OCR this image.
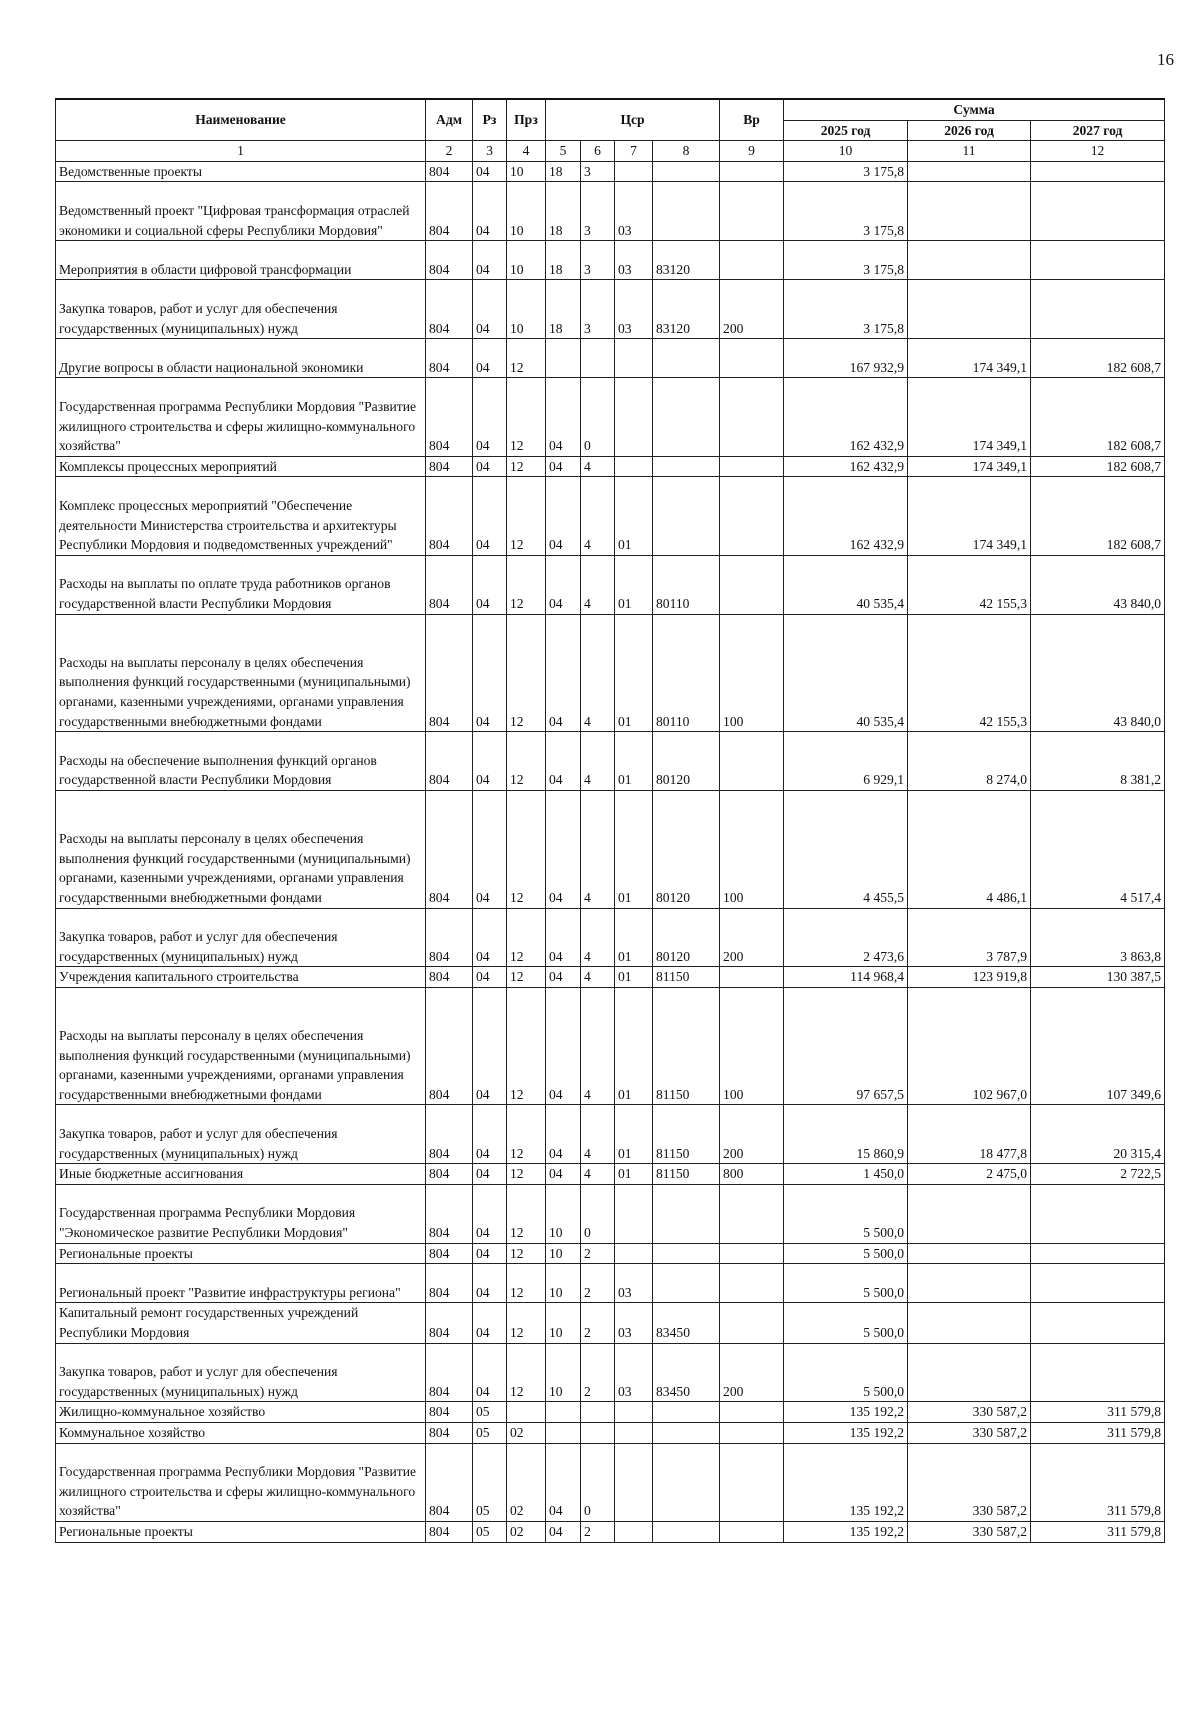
16
Наименование	Адм	Рз	Прз	Цср				Вр	Сумма		
									2025 год	2026 год	2027 год
1	2	3	4	5	6	7	8	9	10	11	12
Ведомственные проекты	804	04	10	18	3				3 175,8		
Ведомственный проект "Цифровая трансформация отраслей экономики и социальной сферы Республики Мордовия"	804	04	10	18	3	03			3 175,8		
Мероприятия в области цифровой трансформации	804	04	10	18	3	03	83120		3 175,8		
Закупка товаров, работ и услуг для обеспечения государственных (муниципальных) нужд	804	04	10	18	3	03	83120	200	3 175,8		
Другие вопросы в области национальной экономики	804	04	12						167 932,9	174 349,1	182 608,7
Государственная программа Республики Мордовия "Развитие жилищного строительства и сферы жилищно-коммунального хозяйства"	804	04	12	04	0				162 432,9	174 349,1	182 608,7
Комплексы процессных мероприятий	804	04	12	04	4				162 432,9	174 349,1	182 608,7
Комплекс процессных мероприятий "Обеспечение деятельности Министерства строительства и архитектуры Республики Мордовия и подведомственных учреждений"	804	04	12	04	4	01			162 432,9	174 349,1	182 608,7
Расходы на выплаты по оплате труда работников органов государственной власти Республики Мордовия	804	04	12	04	4	01	80110		40 535,4	42 155,3	43 840,0
Расходы на выплаты персоналу в целях обеспечения выполнения функций государственными (муниципальными) органами, казенными учреждениями, органами управления государственными внебюджетными фондами	804	04	12	04	4	01	80110	100	40 535,4	42 155,3	43 840,0
Расходы на обеспечение выполнения функций органов государственной власти Республики Мордовия	804	04	12	04	4	01	80120		6 929,1	8 274,0	8 381,2
Расходы на выплаты персоналу в целях обеспечения выполнения функций государственными (муниципальными) органами, казенными учреждениями, органами управления государственными внебюджетными фондами	804	04	12	04	4	01	80120	100	4 455,5	4 486,1	4 517,4
Закупка товаров, работ и услуг для обеспечения государственных (муниципальных) нужд	804	04	12	04	4	01	80120	200	2 473,6	3 787,9	3 863,8
Учреждения капитального строительства	804	04	12	04	4	01	81150		114 968,4	123 919,8	130 387,5
Расходы на выплаты персоналу в целях обеспечения выполнения функций государственными (муниципальными) органами, казенными учреждениями, органами управления государственными внебюджетными фондами	804	04	12	04	4	01	81150	100	97 657,5	102 967,0	107 349,6
Закупка товаров, работ и услуг для обеспечения государственных (муниципальных) нужд	804	04	12	04	4	01	81150	200	15 860,9	18 477,8	20 315,4
Иные бюджетные ассигнования	804	04	12	04	4	01	81150	800	1 450,0	2 475,0	2 722,5
Государственная программа Республики Мордовия "Экономическое развитие Республики Мордовия"	804	04	12	10	0				5 500,0		
Региональные проекты	804	04	12	10	2				5 500,0		
Региональный проект "Развитие инфраструктуры региона"	804	04	12	10	2	03			5 500,0		
Капитальный ремонт государственных учреждений Республики Мордовия	804	04	12	10	2	03	83450		5 500,0		
Закупка товаров, работ и услуг для обеспечения государственных (муниципальных) нужд	804	04	12	10	2	03	83450	200	5 500,0		
Жилищно-коммунальное хозяйство	804	05							135 192,2	330 587,2	311 579,8
Коммунальное хозяйство	804	05	02						135 192,2	330 587,2	311 579,8
Государственная программа Республики Мордовия "Развитие жилищного строительства и сферы жилищно-коммунального хозяйства"	804	05	02	04	0				135 192,2	330 587,2	311 579,8
Региональные проекты	804	05	02	04	2				135 192,2	330 587,2	311 579,8
